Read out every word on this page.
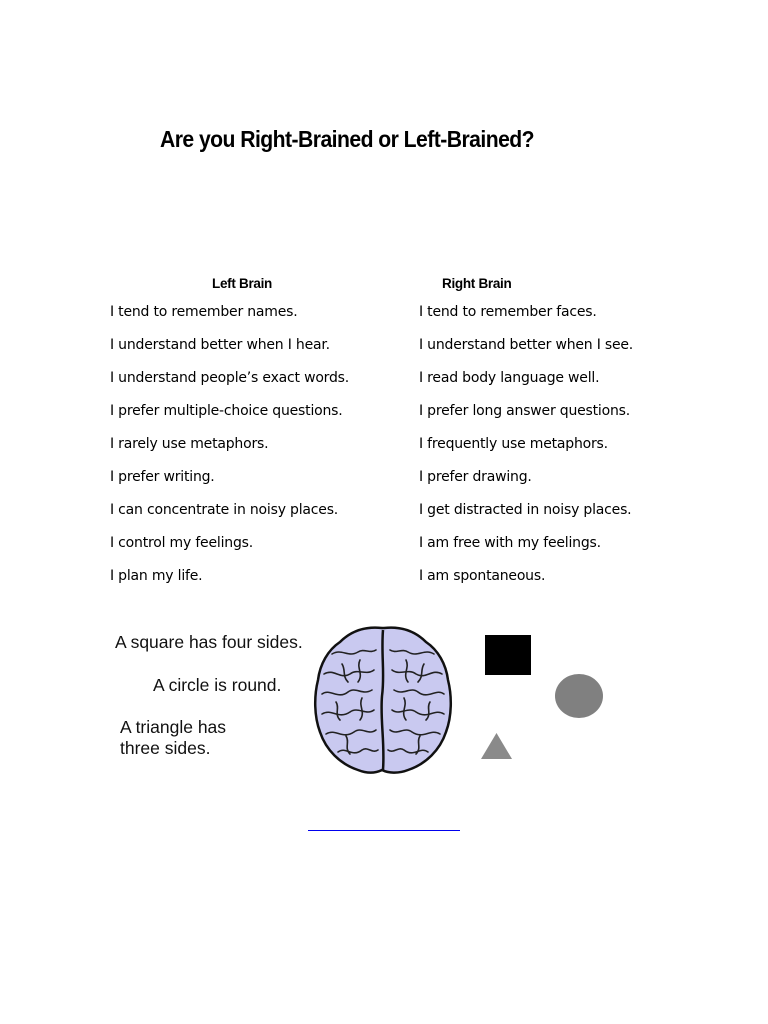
Are you Right-Brained or Left-Brained?
Left Brain	Right Brain
I tend to remember names.
I understand better when I hear.
I understand people’s exact words.
I prefer multiple-choice questions.
I rarely use metaphors.
I prefer writing.
I can concentrate in noisy places.
I control my feelings.
I plan my life.
I tend to remember faces.
I understand better when I see.
I read body language well.
I prefer long answer questions.
I frequently use metaphors.
I prefer drawing.
I get distracted in noisy places.
I am free with my feelings.
I am spontaneous.
A square has four sides.
A circle is round.
A triangle has
three sides.
